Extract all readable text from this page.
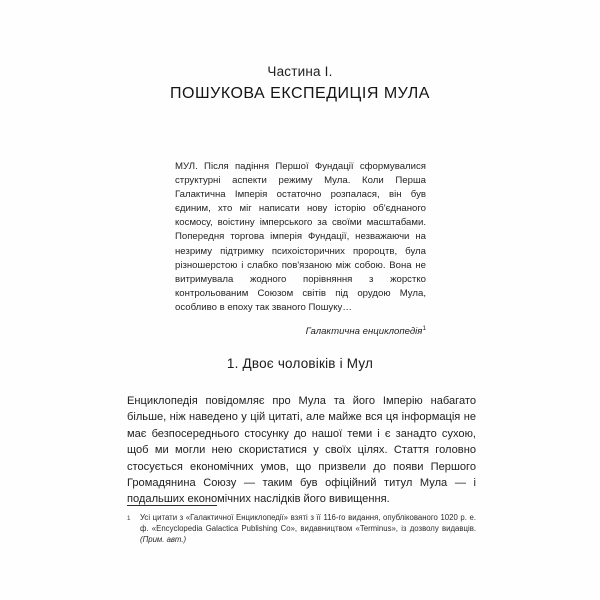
Частина I.
ПОШУКОВА ЕКСПЕДИЦІЯ МУЛА
МУЛ. Після падіння Першої Фундації сформувалися структурні аспекти режиму Мула. Коли Перша Галактична Імперія остаточно розпалася, він був єдиним, хто міг написати нову історію об'єднаного космосу, воістину імперського за своїми масштабами. Попередня торгова імперія Фундації, незважаючи на незриму підтримку психоісторичних пророцтв, була різношерстою і слабко пов'язаною між собою. Вона не витримувала жодного порівняння з жорстко контрольованим Союзом світів під орудою Мула, особливо в епоху так званого Пошуку…
Галактична енциклопедія$^1$
1. Двоє чоловіків і Мул

Енциклопедія повідомляє про Мула та його Імперію набагато більше, ніж наведено у цій цитаті, але майже вся ця інформація не має безпосереднього стосунку до нашої теми і є занадто сухою, щоб ми могли нею скористатися у своїх цілях. Стаття головно стосується економічних умов, що призвели до появи Першого Громадянина Союзу — таким був офіційний титул Мула — і подальших економічних наслідків його вивищення.

1	Усі цитати з «Галактичної Енциклопедії» взяті з її 116-го видання, опублікованого 1020 р. е. ф. «Encyclopedia Galactica Publishing Co», видавництвом «Terminus», із дозволу видавців. (Прим. авт.)
